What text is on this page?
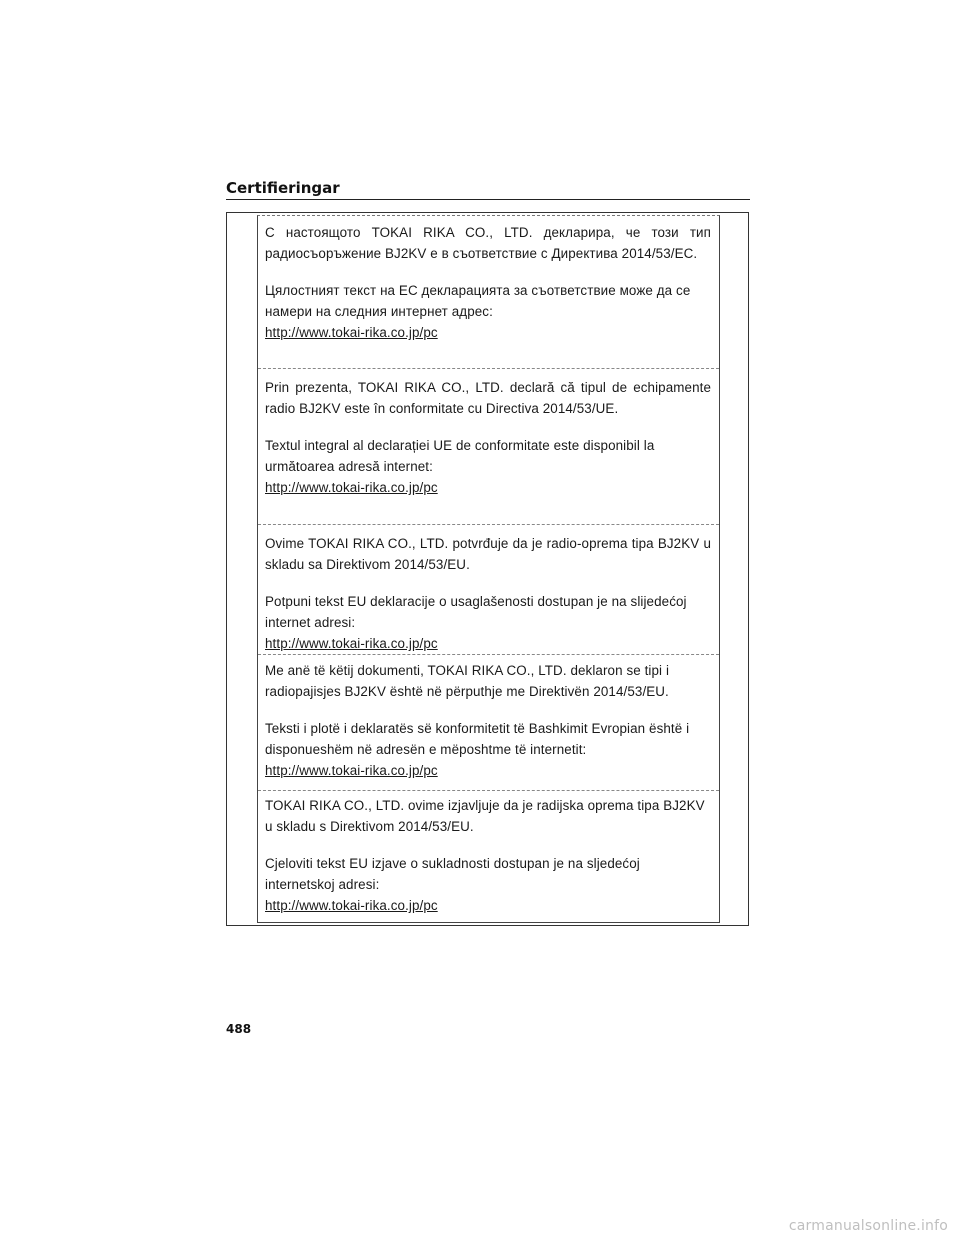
Certifieringar

С настоящото TOKAI RIKA CO., LTD. декларира, че този тип радиосъоръжение BJ2KV е в съответствие с Директива 2014/53/ЕС.

Цялостният текст на ЕС декларацията за съответствие може да се намери на следния интернет адрес:

http://www.tokai-rika.co.jp/pc

Prin prezenta, TOKAI RIKA CO., LTD. declară că tipul de echipamente radio BJ2KV este în conformitate cu Directiva 2014/53/UE.

Textul integral al declarației UE de conformitate este disponibil la următoarea adresă internet:

http://www.tokai-rika.co.jp/pc

Ovime TOKAI RIKA CO., LTD. potvrđuje da je radio-oprema tipa BJ2KV u skladu sa Direktivom 2014/53/EU.

Potpuni tekst EU deklaracije o usaglašenosti dostupan je na slijedećoj internet adresi:

http://www.tokai-rika.co.jp/pc

Me anë të këtij dokumenti, TOKAI RIKA CO., LTD. deklaron se tipi i radiopajisjes BJ2KV është në përputhje me Direktivën 2014/53/EU.

Teksti i plotë i deklaratës së konformitetit të Bashkimit Evropian është i disponueshëm në adresën e mëposhtme të internetit:

http://www.tokai-rika.co.jp/pc

TOKAI RIKA CO., LTD. ovime izjavljuje da je radijska oprema tipa BJ2KV u skladu s Direktivom 2014/53/EU.

Cjeloviti tekst EU izjave o sukladnosti dostupan je na sljedećoj internetskoj adresi:

http://www.tokai-rika.co.jp/pc

488
carmanualsonline.info
